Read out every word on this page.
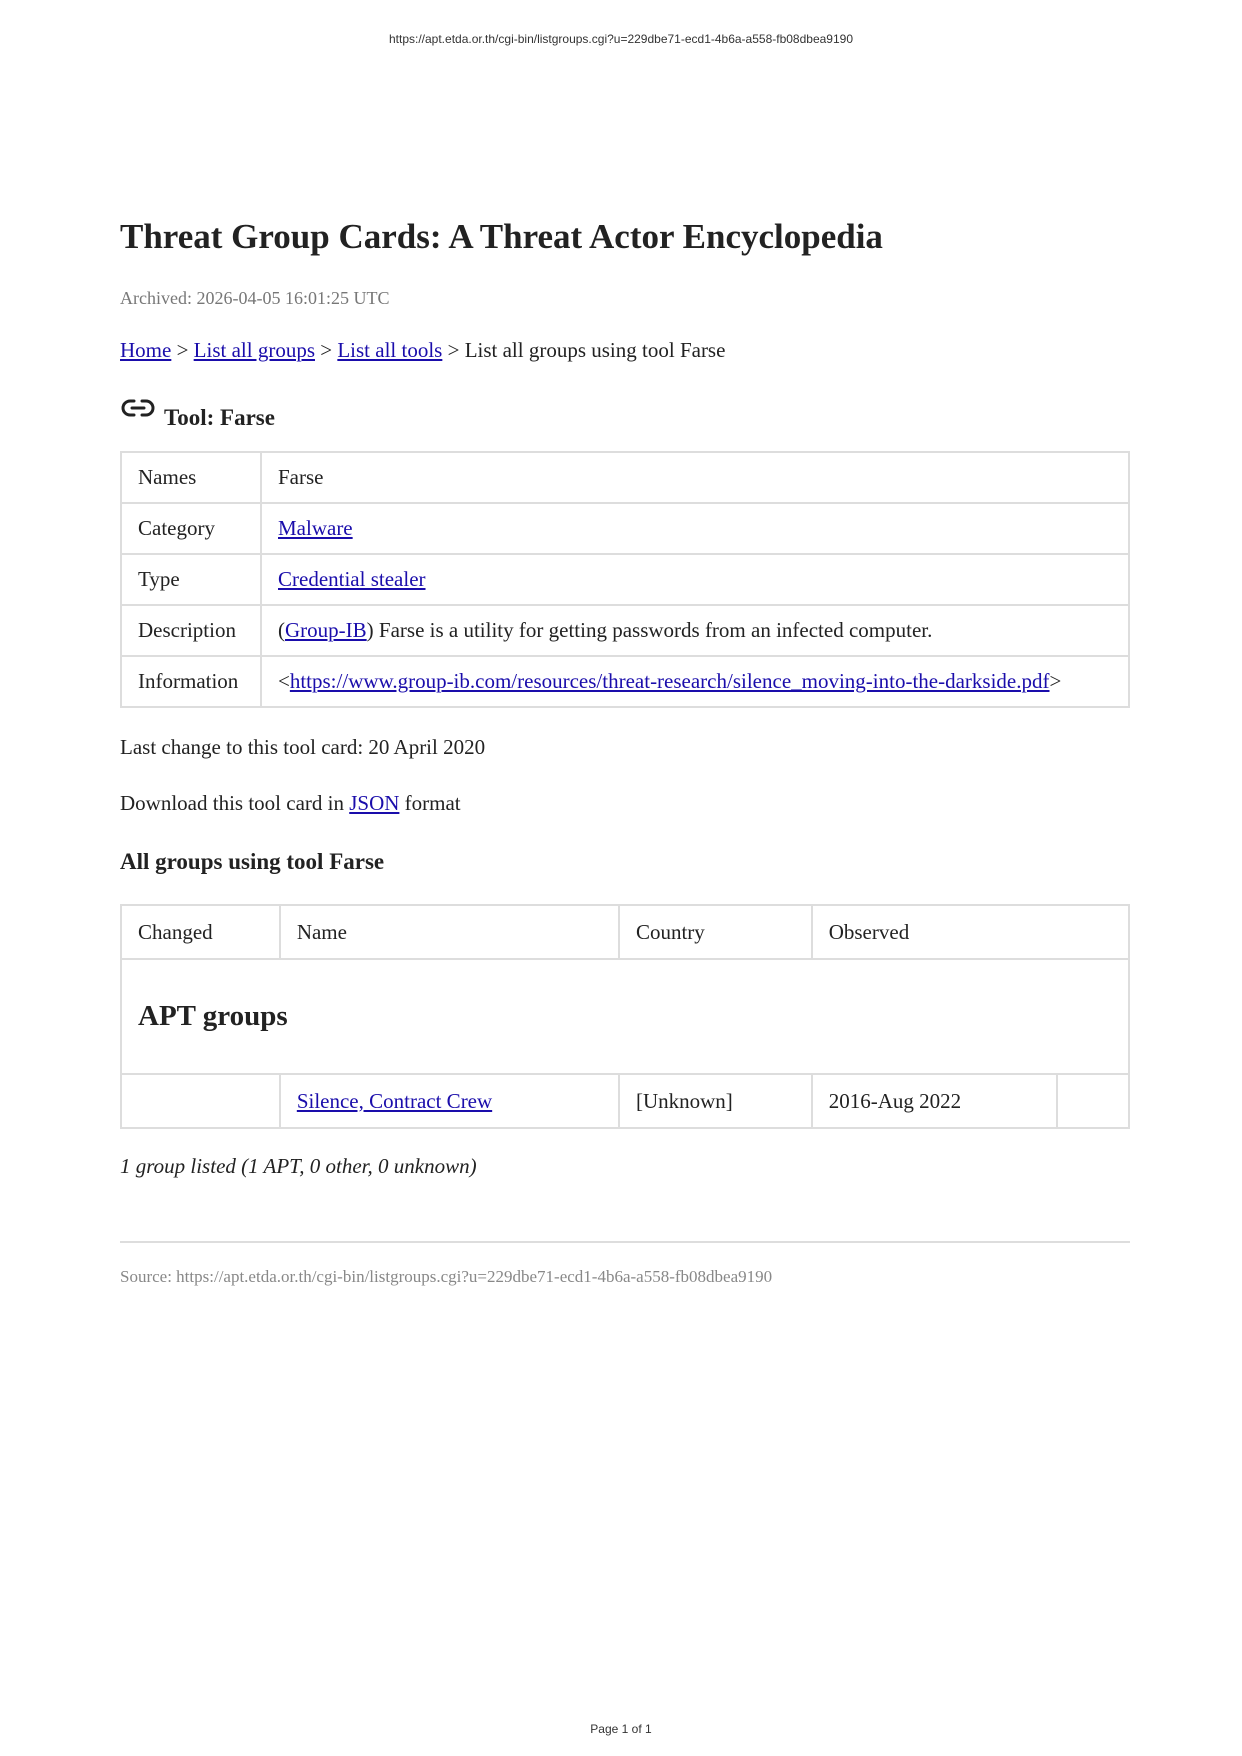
https://apt.etda.or.th/cgi-bin/listgroups.cgi?u=229dbe71-ecd1-4b6a-a558-fb08dbea9190
Threat Group Cards: A Threat Actor Encyclopedia
Archived: 2026-04-05 16:01:25 UTC
Home > List all groups > List all tools > List all groups using tool Farse
Tool: Farse
Names	Farse
Category	Malware
Type	Credential stealer
Description	(Group-IB) Farse is a utility for getting passwords from an infected computer.
Information	<https://www.group-ib.com/resources/threat-research/silence_moving-into-the-darkside.pdf>
Last change to this tool card: 20 April 2020
Download this tool card in JSON format
All groups using tool Farse
Changed	Name	Country	Observed	
APT groups				
	Silence, Contract Crew	[Unknown]	2016-Aug 2022	
1 group listed (1 APT, 0 other, 0 unknown)
Source: https://apt.etda.or.th/cgi-bin/listgroups.cgi?u=229dbe71-ecd1-4b6a-a558-fb08dbea9190
Page 1 of 1
